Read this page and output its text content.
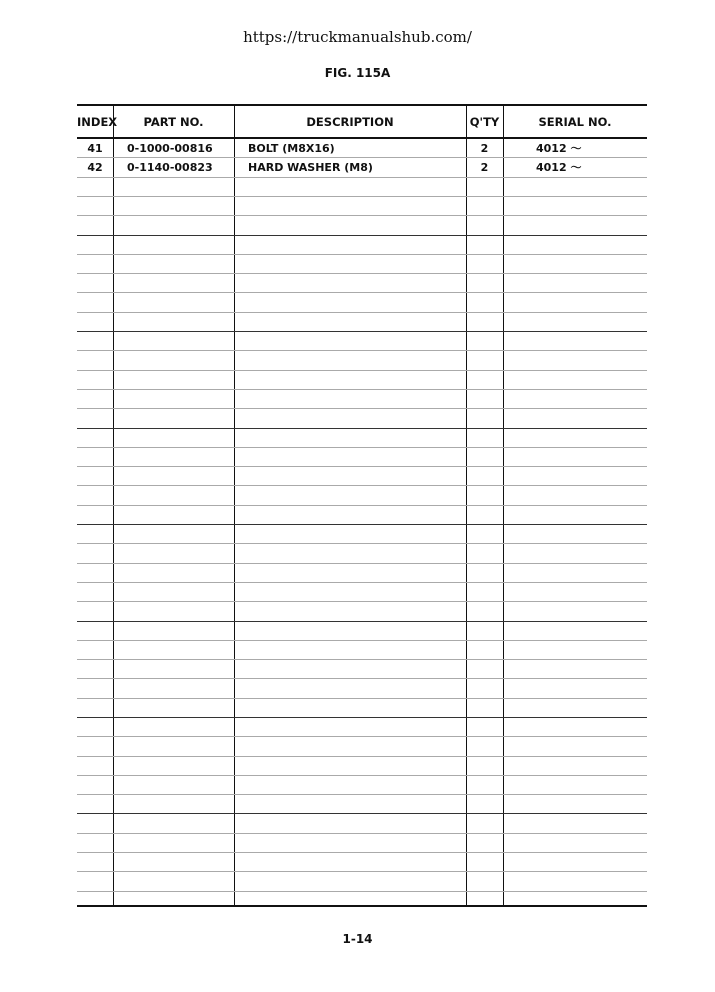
https://truckmanualshub.com/
FIG. 115A
INDEX	PART NO.	DESCRIPTION	Q'TY	SERIAL NO.
41	0-1000-00816	BOLT (M8X16)	2	4012 ～
42	0-1140-00823	HARD WASHER (M8)	2	4012 ～
1-14
